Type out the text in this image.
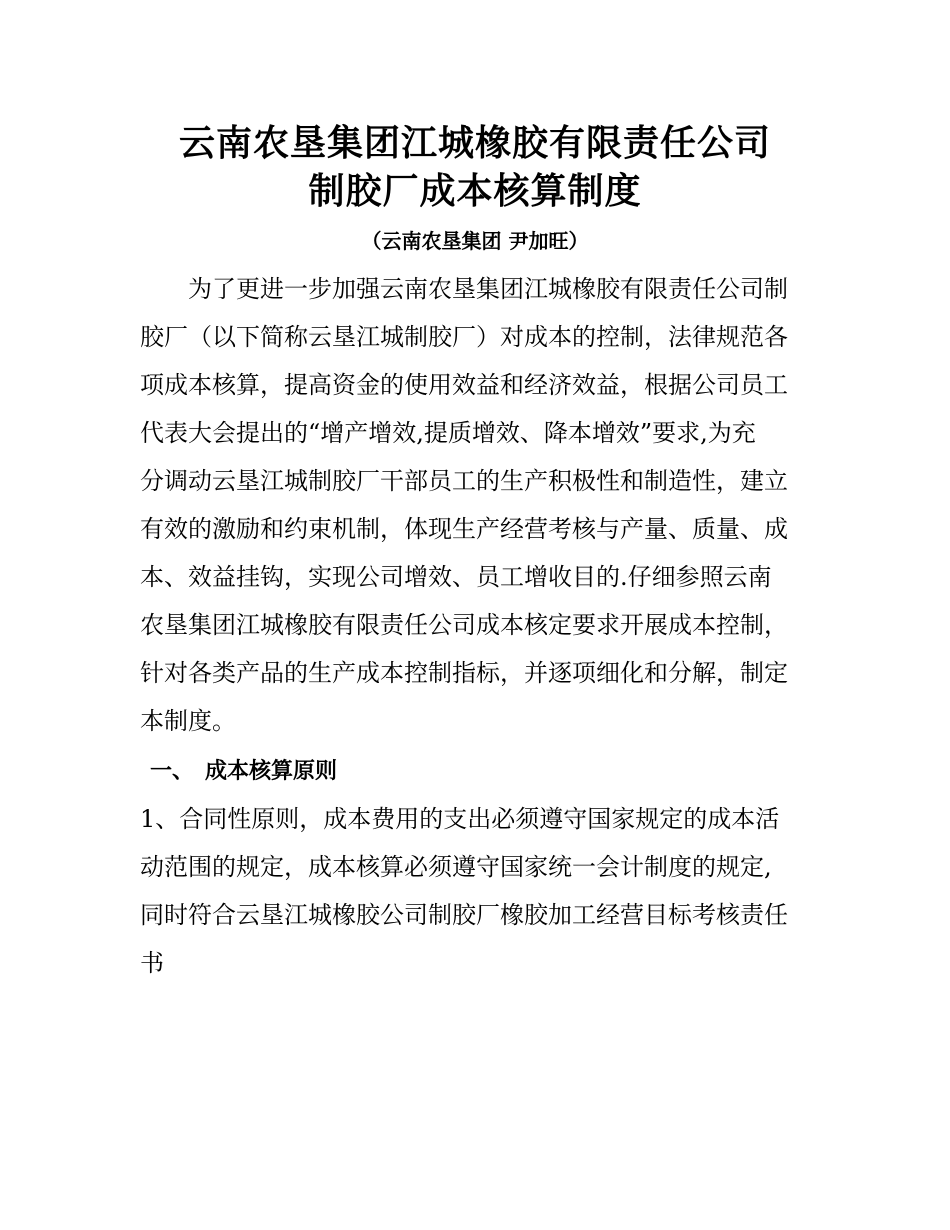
云南农垦集团江城橡胶有限责任公司
制胶厂成本核算制度

（云南农垦集团 尹加旺）

　　为了更进一步加强云南农垦集团江城橡胶有限责任公司制

胶厂（以下简称云垦江城制胶厂）对成本的控制，法律规范各

项成本核算，提高资金的使用效益和经济效益，根据公司员工

代表大会提出的“增产增效,提质增效、降本增效”要求,为充

分调动云垦江城制胶厂干部员工的生产积极性和制造性，建立

有效的激励和约束机制，体现生产经营考核与产量、质量、成

本、效益挂钩，实现公司增效、员工增收目的.仔细参照云南

农垦集团江城橡胶有限责任公司成本核定要求开展成本控制，

针对各类产品的生产成本控制指标，并逐项细化和分解，制定

本制度。

一、　成本核算原则

1、合同性原则，成本费用的支出必须遵守国家规定的成本活

动范围的规定，成本核算必须遵守国家统一会计制度的规定,

同时符合云垦江城橡胶公司制胶厂橡胶加工经营目标考核责任

书
